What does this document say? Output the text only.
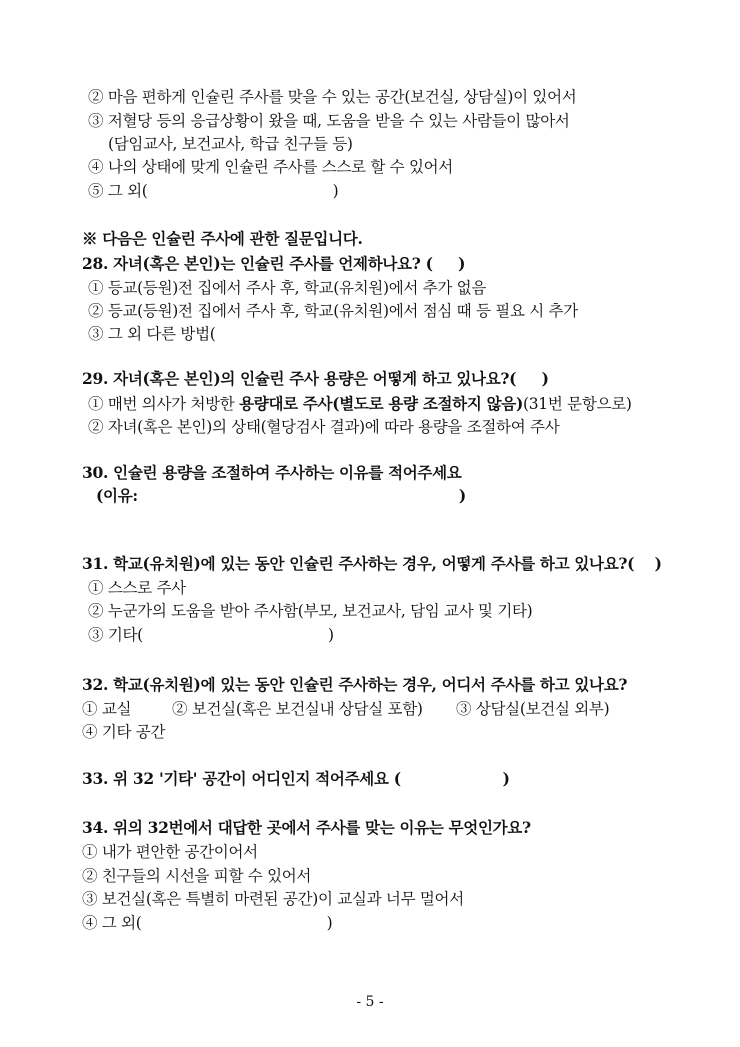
② 마음 편하게 인슐린 주사를 맞을 수 있는 공간(보건실, 상담실)이 있어서
③ 저혈당 등의 응급상황이 왔을 때, 도움을 받을 수 있는 사람들이 많아서
(담임교사, 보건교사, 학급 친구들 등)
④ 나의 상태에 맞게 인슐린 주사를 스스로 할 수 있어서
⑤ 그 외(                                        )
※ 다음은 인슐린 주사에 관한 질문입니다.
28. 자녀(혹은 본인)는 인슐린 주사를 언제하나요? (     )
① 등교(등원)전 집에서 주사 후, 학교(유치원)에서 추가 없음
② 등교(등원)전 집에서 주사 후, 학교(유치원)에서 점심 때 등 필요 시 추가
③ 그 외 다른 방법(
29. 자녀(혹은 본인)의 인슐린 주사 용량은 어떻게 하고 있나요?(     )
① 매번 의사가 처방한 용량대로 주사(별도로 용량 조절하지 않음)(31번 문항으로)
② 자녀(혹은 본인)의 상태(혈당검사 결과)에 따라 용량을 조절하여 주사
30. 인슐린 용량을 조절하여 주사하는 이유를 적어주세요
(이유:                                                               )
31. 학교(유치원)에 있는 동안 인슐린 주사하는 경우, 어떻게 주사를 하고 있나요?(    )
① 스스로 주사
② 누군가의 도움을 받아 주사함(부모, 보건교사, 담임 교사 및 기타)
③ 기타(                                        )
32. 학교(유치원)에 있는 동안 인슐린 주사하는 경우, 어디서 주사를 하고 있나요?
① 교실	② 보건실(혹은 보건실내 상담실 포함) ③ 상담실(보건실 외부)
④ 기타 공간
33. 위 32 '기타' 공간이 어디인지 적어주세요 (                    )
34. 위의 32번에서 대답한 곳에서 주사를 맞는 이유는 무엇인가요?
① 내가 편안한 공간이어서
② 친구들의 시선을 피할 수 있어서
③ 보건실(혹은 특별히 마련된 공간)이 교실과 너무 멀어서
④ 그 외(                                        )
- 5 -
